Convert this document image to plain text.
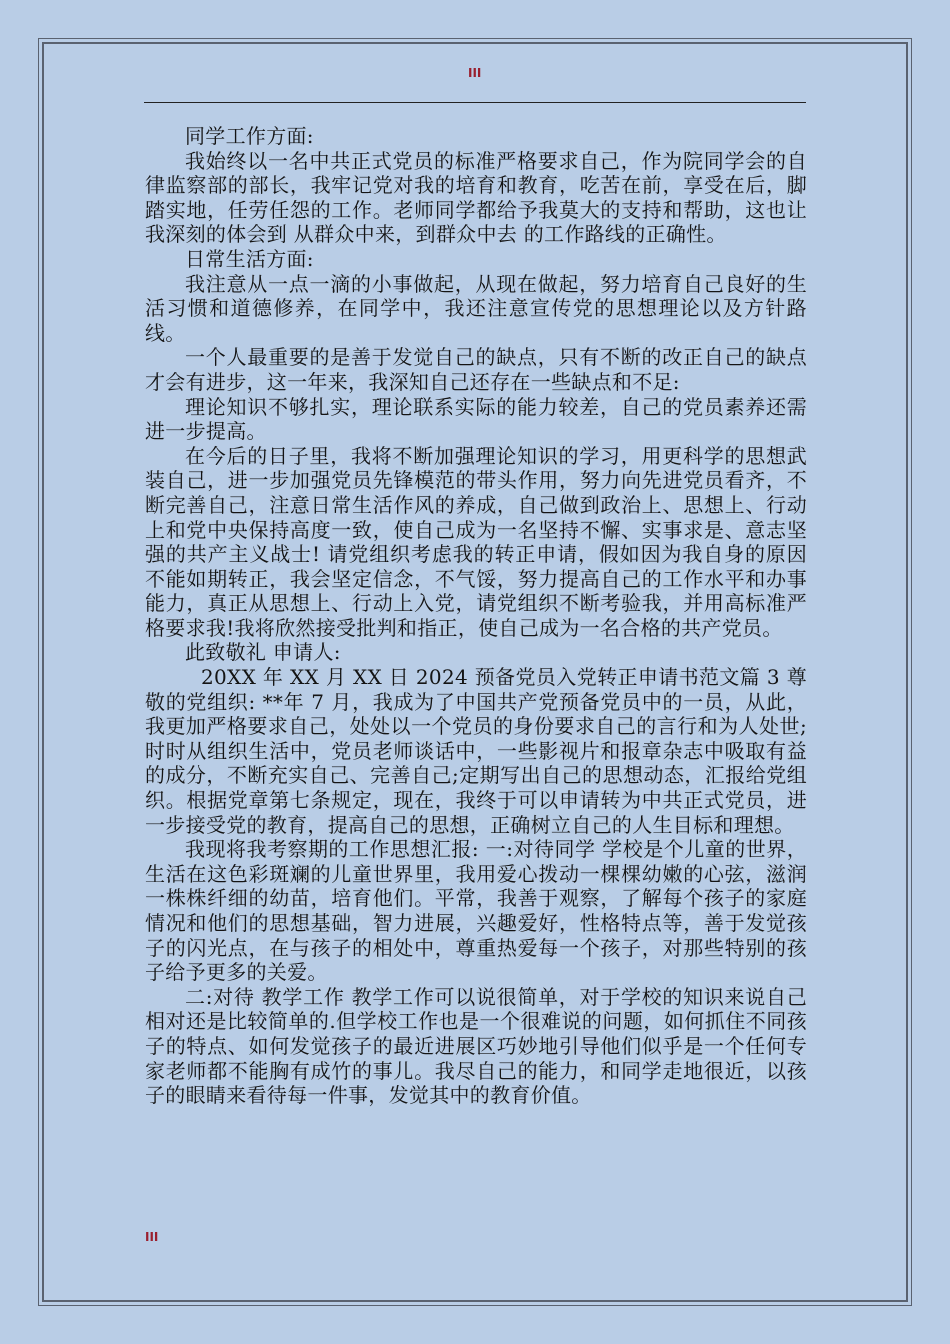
III

同学工作方面:

我始终以一名中共正式党员的标准严格要求自己，作为院同学会的自律监察部的部长，我牢记党对我的培育和教育，吃苦在前，享受在后，脚踏实地，任劳任怨的工作。老师同学都给予我莫大的支持和帮助，这也让我深刻的体会到 从群众中来，到群众中去 的工作路线的正确性。

日常生活方面:

我注意从一点一滴的小事做起，从现在做起，努力培育自己良好的生活习惯和道德修养，在同学中，我还注意宣传党的思想理论以及方针路线。

一个人最重要的是善于发觉自己的缺点，只有不断的改正自己的缺点才会有进步，这一年来，我深知自己还存在一些缺点和不足:

理论知识不够扎实，理论联系实际的能力较差，自己的党员素养还需进一步提高。

在今后的日子里，我将不断加强理论知识的学习，用更科学的思想武装自己，进一步加强党员先锋模范的带头作用，努力向先进党员看齐，不断完善自己，注意日常生活作风的养成，自己做到政治上、思想上、行动上和党中央保持高度一致，使自己成为一名坚持不懈、实事求是、意志坚强的共产主义战士! 请党组织考虑我的转正申请，假如因为我自身的原因不能如期转正，我会坚定信念，不气馁，努力提高自己的工作水平和办事能力，真正从思想上、行动上入党，请党组织不断考验我，并用高标准严格要求我!我将欣然接受批判和指正，使自己成为一名合格的共产党员。

此致敬礼 申请人:

20XX 年 XX 月 XX 日 2024 预备党员入党转正申请书范文篇 3 尊敬的党组织: **年 7 月，我成为了中国共产党预备党员中的一员，从此，我更加严格要求自己，处处以一个党员的身份要求自己的言行和为人处世;时时从组织生活中，党员老师谈话中，一些影视片和报章杂志中吸取有益的成分，不断充实自己、完善自己;定期写出自己的思想动态，汇报给党组织。根据党章第七条规定，现在，我终于可以申请转为中共正式党员，进一步接受党的教育，提高自己的思想，正确树立自己的人生目标和理想。

我现将我考察期的工作思想汇报: 一:对待同学 学校是个儿童的世界，生活在这色彩斑斓的儿童世界里，我用爱心拨动一棵棵幼嫩的心弦，滋润一株株纤细的幼苗，培育他们。平常，我善于观察，了解每个孩子的家庭情况和他们的思想基础，智力进展，兴趣爱好，性格特点等，善于发觉孩子的闪光点，在与孩子的相处中，尊重热爱每一个孩子，对那些特别的孩子给予更多的关爱。

二:对待 教学工作 教学工作可以说很简单，对于学校的知识来说自己相对还是比较简单的.但学校工作也是一个很难说的问题，如何抓住不同孩子的特点、如何发觉孩子的最近进展区巧妙地引导他们似乎是一个任何专家老师都不能胸有成竹的事儿。我尽自己的能力，和同学走地很近，以孩子的眼睛来看待每一件事，发觉其中的教育价值。

III
